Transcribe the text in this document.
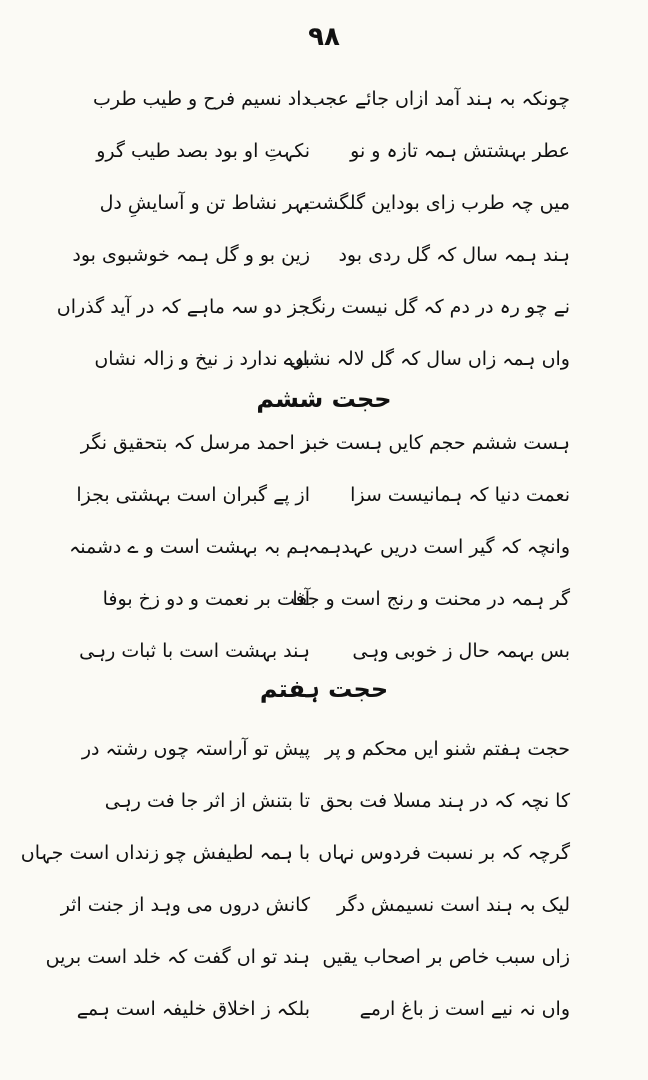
۹۸
چونکہ بہ ہند آمد ازاں جائے عجب
داد نسیم فرح و طیب طرب
عطر بہشتش ہمہ تازہ و نو
نکہتِ او بود بصد طیب گرو
میں چہ طرب زای بوداین گلگشت
بہر نشاط تن و آسایشِ دل
ہند ہمہ سال کہ گل ردی بود
زین بو و گل ہمہ خوشبوی بود
نے چو رہ در دم کہ گل نیست رنگ
جز دو سہ ماہے کہ در آید گذراں
واں ہمہ زاں سال کہ گل لالہ نشاں
بوے ندارد ز نیخ و زالہ نشاں
حجت ششم
ہست ششم حجم کایں ہست خبر
ز احمد مرسل کہ بتحقیق نگر
نعمت دنیا کہ ہمانیست سزا
از پے گبران است بہشتی بجزا
وانچہ کہ گیر است دریں عہدہمہ
ہم بہ بہشت است و ے دشمنہ
گر ہمہ در محنت و رنج است و جفا
آفت بر نعمت و دو زخ بوفا
بس بہمہ حال ز خوبی وہی
ہند بہشت است با ثبات رہی
حجت ہفتم
حجت ہفتم شنو ایں محکم و پر
پیش تو آراستہ چوں رشتہ در
کا نچہ کہ در ہند مسلا فت بحق
تا بتنش از اثر جا فت رہی
گرچہ کہ بر نسبت فردوس نہاں
با ہمہ لطیفش چو زنداں است جہاں
لیک بہ ہند است نسیمش دگر
کانش دروں می وہد از جنت اثر
زاں سبب خاص بر اصحاب یقیں
ہند تو اں گفت کہ خلد است بریں
واں نہ نیے است ز باغ ارمے
بلکہ ز اخلاق خلیفہ است ہمے
